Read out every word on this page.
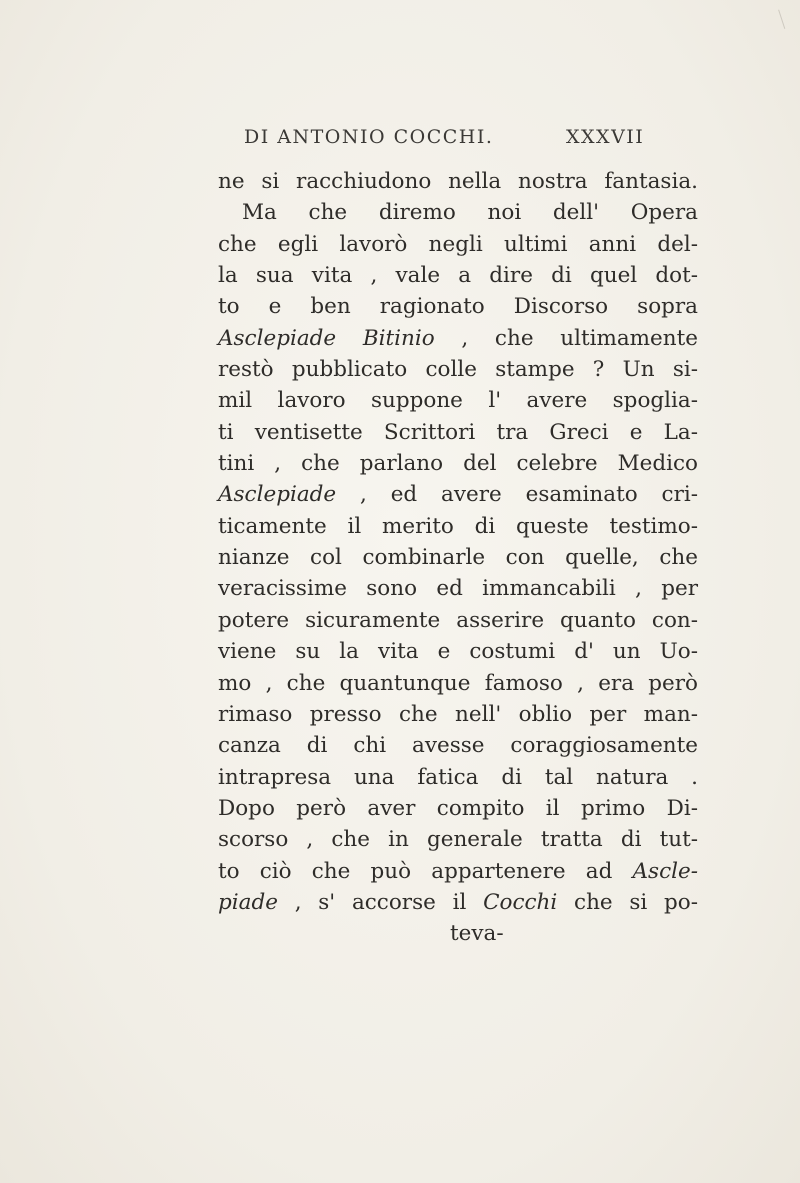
DI ANTONIO COCCHI.	XXXVII
ne si racchiudono nella nostra fantasia.
Ma che diremo noi dell' Opera
che egli lavorò negli ultimi anni del-
la sua vita , vale a dire di quel dot-
to e ben ragionato Discorso sopra
Asclepiade Bitinio , che ultimamente
restò pubblicato colle stampe ? Un si-
mil lavoro suppone l' avere spoglia-
ti ventisette Scrittori tra Greci e La-
tini , che parlano del celebre Medico
Asclepiade , ed avere esaminato cri-
ticamente il merito di queste testimo-
nianze col combinarle con quelle, che
veracissime sono ed immancabili , per
potere sicuramente asserire quanto con-
viene su la vita e costumi d' un Uo-
mo , che quantunque famoso , era però
rimaso presso che nell' oblio per man-
canza di chi avesse coraggiosamente
intrapresa una fatica di tal natura .
Dopo però aver compito il primo Di-
scorso , che in generale tratta di tut-
to ciò che può appartenere ad Ascle-
piade , s' accorse il Cocchi che si po-
teva-
